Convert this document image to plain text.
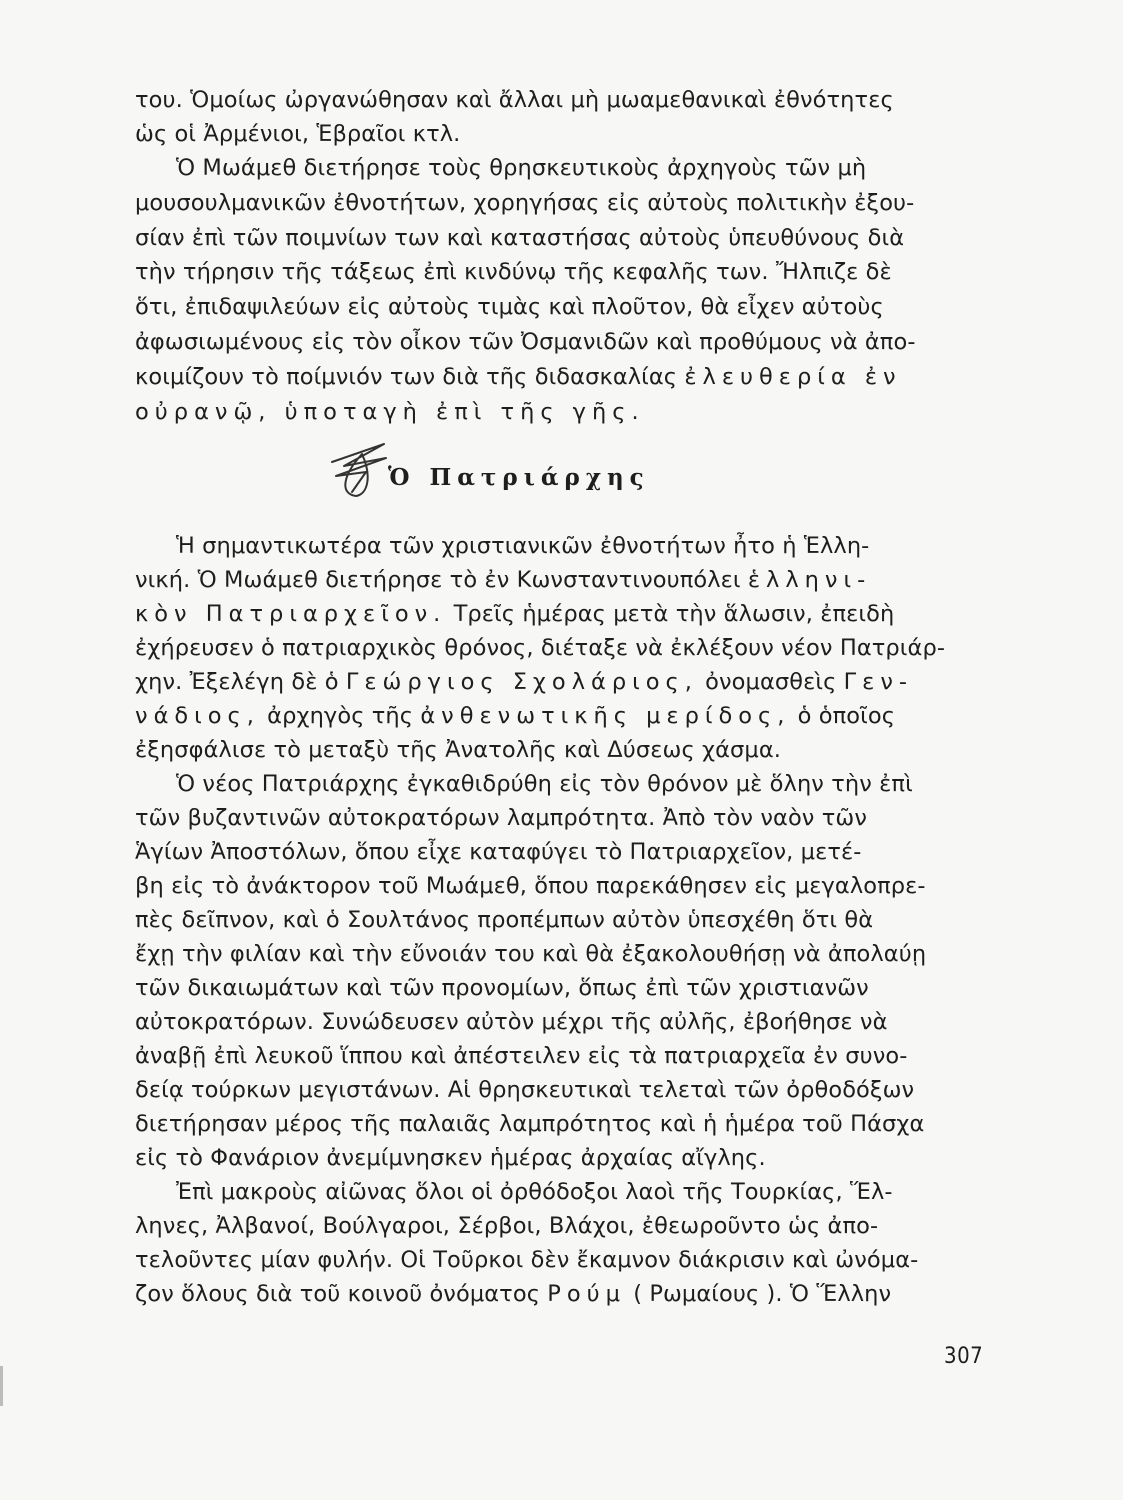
του. Ὁμοίως ὠργανώθησαν καὶ ἄλλαι μὴ μωαμεθανικαὶ ἐθνότητες
ὡς οἱ Ἀρμένιοι, Ἑβραῖοι κτλ.
Ὁ Μωάμεθ διετήρησε τοὺς θρησκευτικοὺς ἀρχηγοὺς τῶν μὴ
μουσουλμανικῶν ἐθνοτήτων, χορηγήσας εἰς αὐτοὺς πολιτικὴν ἐξου-
σίαν ἐπὶ τῶν ποιμνίων των καὶ καταστήσας αὐτοὺς ὑπευθύνους διὰ
τὴν τήρησιν τῆς τάξεως ἐπὶ κινδύνῳ τῆς κεφαλῆς των. Ἤλπιζε δὲ
ὅτι, ἐπιδαψιλεύων εἰς αὐτοὺς τιμὰς καὶ πλοῦτον, θὰ εἶχεν αὐτοὺς
ἀφωσιωμένους εἰς τὸν οἶκον τῶν Ὀσμανιδῶν καὶ προθύμους νὰ ἀπο-
κοιμίζουν τὸ ποίμνιόν των διὰ τῆς διδασκαλίας ἐλευθερία ἐν
οὐρανῷ, ὑποταγὴ ἐπὶ τῆς γῆς.
Ὁ Πατριάρχης
Ἡ σημαντικωτέρα τῶν χριστιανικῶν ἐθνοτήτων ἦτο ἡ Ἑλλη-
νική. Ὁ Μωάμεθ διετήρησε τὸ ἐν Κωνσταντινουπόλει ἑλληνι-
κὸν Πατριαρχεῖον. Τρεῖς ἡμέρας μετὰ τὴν ἅλωσιν, ἐπειδὴ
ἐχήρευσεν ὁ πατριαρχικὸς θρόνος, διέταξε νὰ ἐκλέξουν νέον Πατριάρ-
χην. Ἐξελέγη δὲ ὁ Γεώργιος Σχολάριος, ὀνομασθεὶς Γεν-
νάδιος, ἀρχηγὸς τῆς ἀνθενωτικῆς μερίδος, ὁ ὁποῖος
ἐξησφάλισε τὸ μεταξὺ τῆς Ἀνατολῆς καὶ Δύσεως χάσμα.
Ὁ νέος Πατριάρχης ἐγκαθιδρύθη εἰς τὸν θρόνον μὲ ὅλην τὴν ἐπὶ
τῶν βυζαντινῶν αὐτοκρατόρων λαμπρότητα. Ἀπὸ τὸν ναὸν τῶν
Ἁγίων Ἀποστόλων, ὅπου εἶχε καταφύγει τὸ Πατριαρχεῖον, μετέ-
βη εἰς τὸ ἀνάκτορον τοῦ Μωάμεθ, ὅπου παρεκάθησεν εἰς μεγαλοπρε-
πὲς δεῖπνον, καὶ ὁ Σουλτάνος προπέμπων αὐτὸν ὑπεσχέθη ὅτι θὰ
ἔχῃ τὴν φιλίαν καὶ τὴν εὔνοιάν του καὶ θὰ ἐξακολουθήσῃ νὰ ἀπολαύῃ
τῶν δικαιωμάτων καὶ τῶν προνομίων, ὅπως ἐπὶ τῶν χριστιανῶν
αὐτοκρατόρων. Συνώδευσεν αὐτὸν μέχρι τῆς αὐλῆς, ἐβοήθησε νὰ
ἀναβῇ ἐπὶ λευκοῦ ἵππου καὶ ἀπέστειλεν εἰς τὰ πατριαρχεῖα ἐν συνο-
δείᾳ τούρκων μεγιστάνων. Αἱ θρησκευτικαὶ τελεταὶ τῶν ὀρθοδόξων
διετήρησαν μέρος τῆς παλαιᾶς λαμπρότητος καὶ ἡ ἡμέρα τοῦ Πάσχα
εἰς τὸ Φανάριον ἀνεμίμνησκεν ἡμέρας ἀρχαίας αἴγλης.
Ἐπὶ μακροὺς αἰῶνας ὅλοι οἱ ὀρθόδοξοι λαοὶ τῆς Τουρκίας, Ἕλ-
ληνες, Ἀλβανοί, Βούλγαροι, Σέρβοι, Βλάχοι, ἐθεωροῦντο ὡς ἀπο-
τελοῦντες μίαν φυλήν. Οἱ Τοῦρκοι δὲν ἔκαμνον διάκρισιν καὶ ὠνόμα-
ζον ὅλους διὰ τοῦ κοινοῦ ὀνόματος Ρούμ ( Ρωμαίους ). Ὁ Ἕλλην
307
